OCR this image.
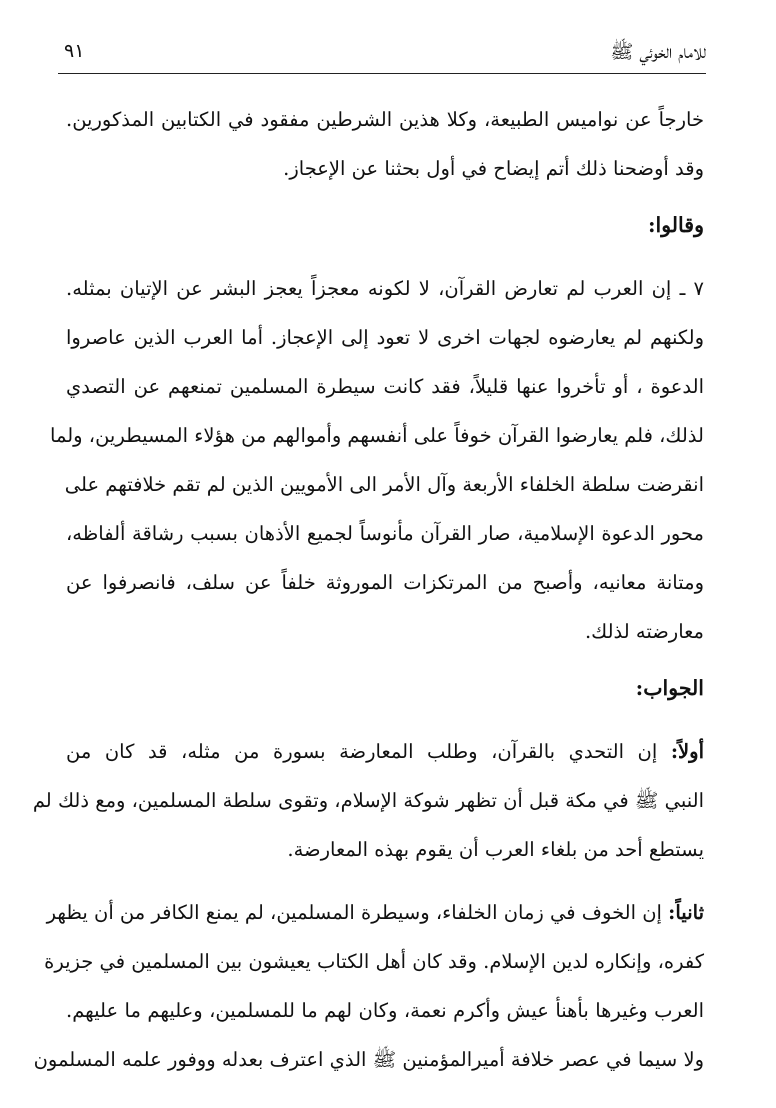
للامام الخوئي ﷺ
٩١
خارجاً عن نواميس الطبيعة، وكلا هذين الشرطين مفقود في الكتابين المذكورين.
وقد أوضحنا ذلك أتم إيضاح في أول بحثنا عن الإعجاز.
وقالوا:
٧ ـ إن العرب لم تعارض القرآن، لا لكونه معجزاً يعجز البشر عن الإتيان بمثله.
ولكنهم لم يعارضوه لجهات اخرى لا تعود إلى الإعجاز. أما العرب الذين عاصروا
الدعوة ، أو تأخروا عنها قليلاً، فقد كانت سيطرة المسلمين تمنعهم عن التصدي
لذلك، فلم يعارضوا القرآن خوفاً على أنفسهم وأموالهم من هؤلاء المسيطرين، ولما
انقرضت سلطة الخلفاء الأربعة وآل الأمر الى الأمويين الذين لم تقم خلافتهم على
محور الدعوة الإسلامية، صار القرآن مأنوساً لجميع الأذهان بسبب رشاقة ألفاظه،
ومتانة معانيه، وأصبح من المرتكزات الموروثة خلفاً عن سلف، فانصرفوا عن
معارضته لذلك.
الجواب:
أولاً: إن التحدي بالقرآن، وطلب المعارضة بسورة من مثله، قد كان من
النبي ﷺ في مكة قبل أن تظهر شوكة الإسلام، وتقوى سلطة المسلمين، ومع ذلك لم
يستطع أحد من بلغاء العرب أن يقوم بهذه المعارضة.
ثانياً: إن الخوف في زمان الخلفاء، وسيطرة المسلمين، لم يمنع الكافر من أن يظهر
كفره، وإنكاره لدين الإسلام. وقد كان أهل الكتاب يعيشون بين المسلمين في جزيرة
العرب وغيرها بأهنأ عيش وأكرم نعمة، وكان لهم ما للمسلمين، وعليهم ما عليهم.
ولا سيما في عصر خلافة أميرالمؤمنين ﷺ الذي اعترف بعدله ووفور علمه المسلمون
